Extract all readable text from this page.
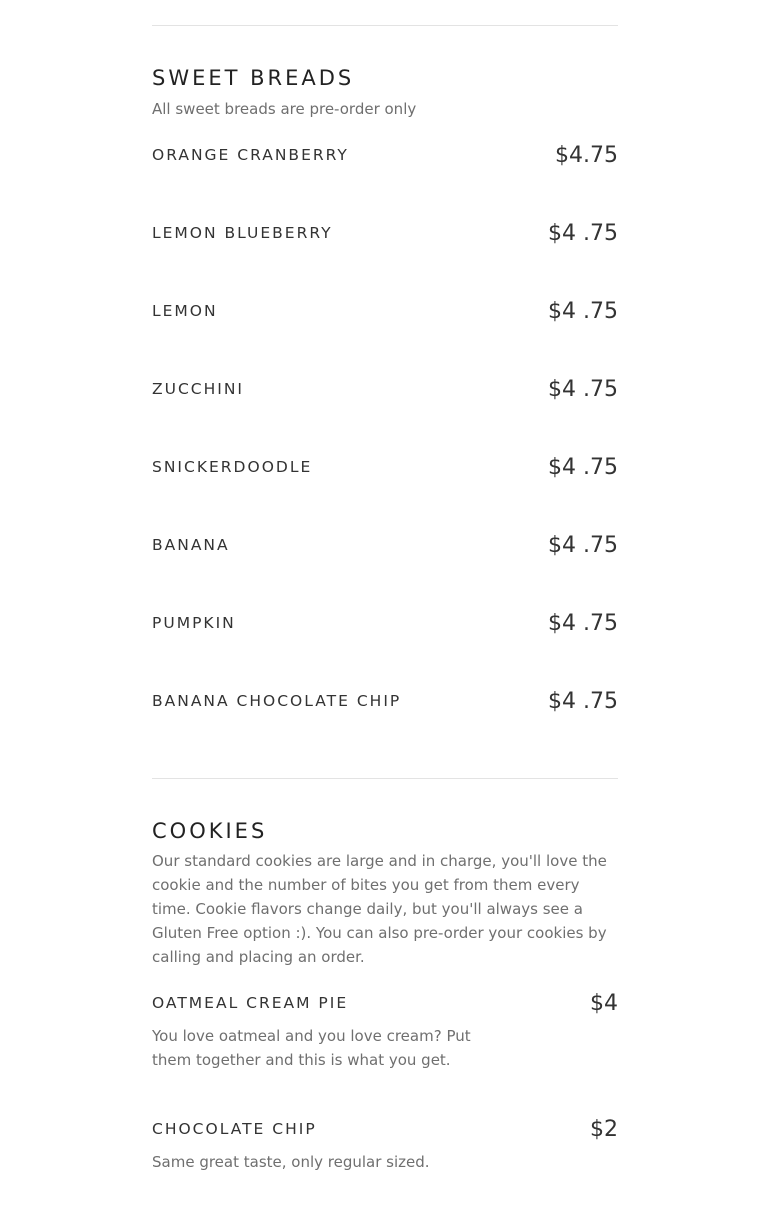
SWEET BREADS

All sweet breads are pre-order only

ORANGE CRANBERRY	$4.75
LEMON BLUEBERRY	$4 .75
LEMON	$4 .75
ZUCCHINI	$4 .75
SNICKERDOODLE	$4 .75
BANANA	$4 .75
PUMPKIN	$4 .75
BANANA CHOCOLATE CHIP	$4 .75
COOKIES

Our standard cookies are large and in charge, you'll love the cookie and the number of bites you get from them every time. Cookie flavors change daily, but you'll always see a Gluten Free option :). You can also pre-order your cookies by calling and placing an order.

OATMEAL CREAM PIE	$4
You love oatmeal and you love cream? Put them together and this is what you get.
CHOCOLATE CHIP	$2
Same great taste, only regular sized.
